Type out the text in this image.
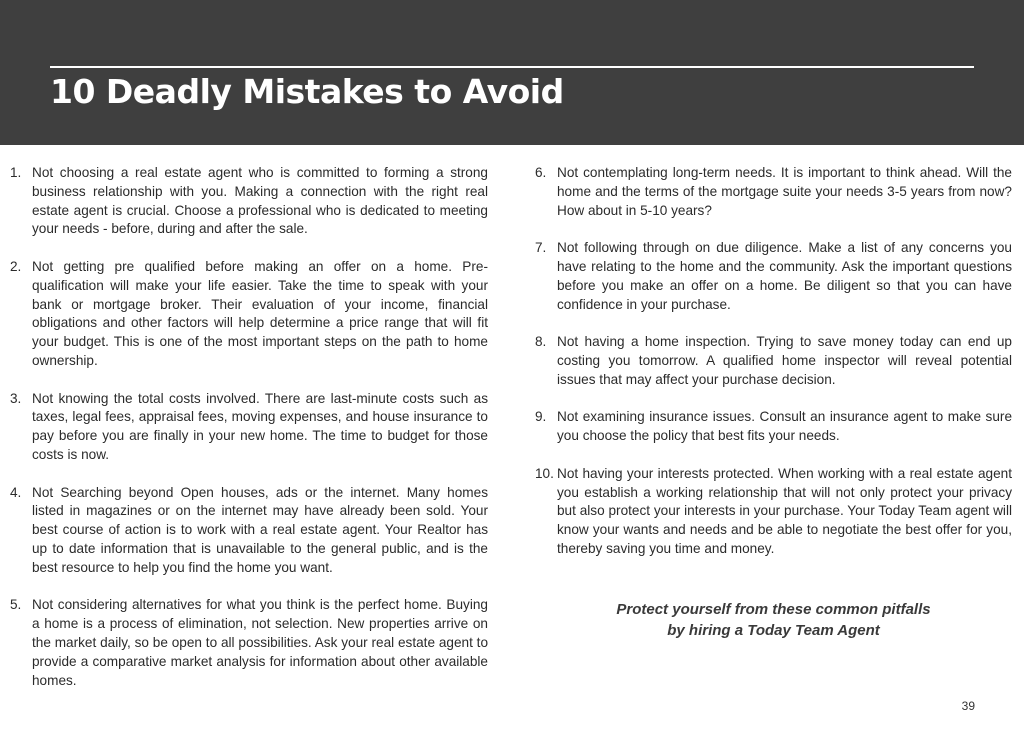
10 Deadly Mistakes to Avoid
1. Not choosing a real estate agent who is committed to forming a strong business relationship with you. Making a connection with the right real estate agent is crucial. Choose a professional who is dedicated to meeting your needs - before, during and after the sale.
2. Not getting pre qualified before making an offer on a home. Pre-qualification will make your life easier. Take the time to speak with your bank or mortgage broker. Their evaluation of your income, financial obligations and other factors will help determine a price range that will fit your budget. This is one of the most important steps on the path to home ownership.
3. Not knowing the total costs involved. There are last-minute costs such as taxes, legal fees, appraisal fees, moving expenses, and house insurance to pay before you are finally in your new home. The time to budget for those costs is now.
4. Not Searching beyond Open houses, ads or the internet. Many homes listed in magazines or on the internet may have already been sold. Your best course of action is to work with a real estate agent. Your Realtor has up to date information that is unavailable to the general public, and is the best resource to help you find the home you want.
5. Not considering alternatives for what you think is the perfect home. Buying a home is a process of elimination, not selection. New properties arrive on the market daily, so be open to all possibilities. Ask your real estate agent to provide a comparative market analysis for information about other available homes.
6. Not contemplating long-term needs. It is important to think ahead. Will the home and the terms of the mortgage suite your needs 3-5 years from now? How about in 5-10 years?
7. Not following through on due diligence. Make a list of any concerns you have relating to the home and the community. Ask the important questions before you make an offer on a home. Be diligent so that you can have confidence in your purchase.
8. Not having a home inspection. Trying to save money today can end up costing you tomorrow. A qualified home inspector will reveal potential issues that may affect your purchase decision.
9. Not examining insurance issues. Consult an insurance agent to make sure you choose the policy that best fits your needs.
10. Not having your interests protected. When working with a real estate agent you establish a working relationship that will not only protect your privacy but also protect your interests in your purchase. Your Today Team agent will know your wants and needs and be able to negotiate the best offer for you, thereby saving you time and money.
Protect yourself from these common pitfalls
by hiring a Today Team Agent
39
